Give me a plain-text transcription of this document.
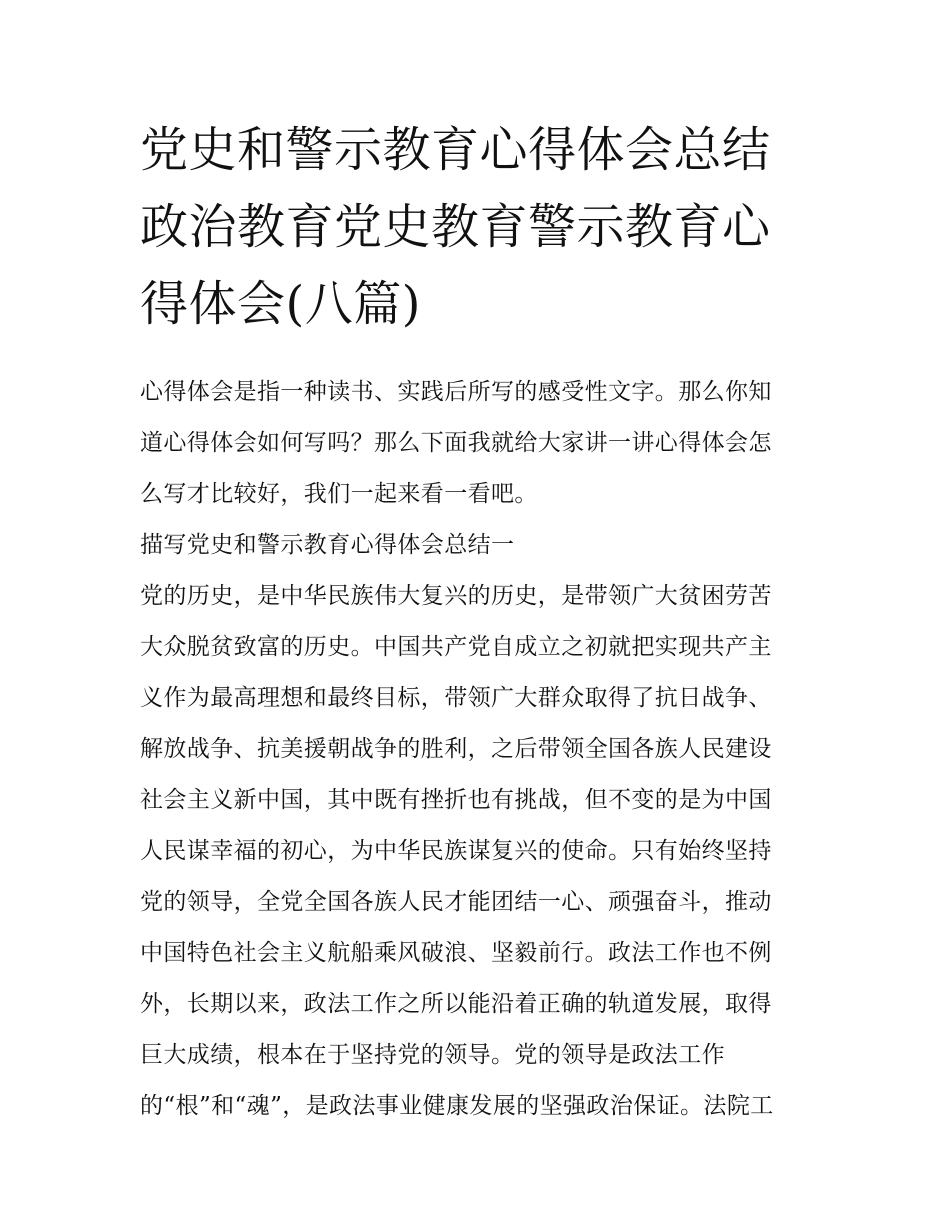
党史和警示教育心得体会总结
政治教育党史教育警示教育心
得体会(八篇)
心得体会是指一种读书、实践后所写的感受性文字。那么你知
道心得体会如何写吗？那么下面我就给大家讲一讲心得体会怎
么写才比较好，我们一起来看一看吧。
描写党史和警示教育心得体会总结一
党的历史，是中华民族伟大复兴的历史，是带领广大贫困劳苦
大众脱贫致富的历史。中国共产党自成立之初就把实现共产主
义作为最高理想和最终目标，带领广大群众取得了抗日战争、
解放战争、抗美援朝战争的胜利，之后带领全国各族人民建设
社会主义新中国，其中既有挫折也有挑战，但不变的是为中国
人民谋幸福的初心，为中华民族谋复兴的使命。只有始终坚持
党的领导，全党全国各族人民才能团结一心、顽强奋斗，推动
中国特色社会主义航船乘风破浪、坚毅前行。政法工作也不例
外，长期以来，政法工作之所以能沿着正确的轨道发展，取得
巨大成绩，根本在于坚持党的领导。党的领导是政法工作
的“根”和“魂”，是政法事业健康发展的坚强政治保证。法院工
